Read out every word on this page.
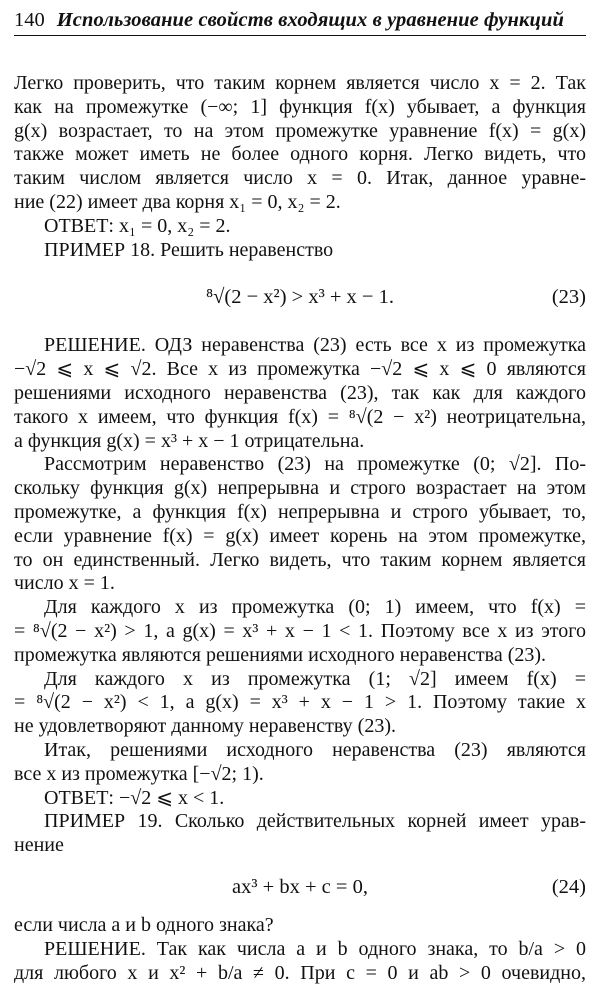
140 Использование свойств входящих в уравнение функций
Легко проверить, что таким корнем является число x = 2. Так
как на промежутке (−∞; 1] функция f(x) убывает, а функция
g(x) возрастает, то на этом промежутке уравнение f(x) = g(x)
также может иметь не более одного корня. Легко видеть, что
таким числом является число x = 0. Итак, данное уравне-
ние (22) имеет два корня x₁ = 0, x₂ = 2.
ОТВЕТ: x₁ = 0, x₂ = 2.
ПРИМЕР 18. Решить неравенство
⁸√(2 − x²) > x³ + x − 1.	(23)
РЕШЕНИЕ. ОДЗ неравенства (23) есть все x из промежутка
−√2 ⩽ x ⩽ √2. Все x из промежутка −√2 ⩽ x ⩽ 0 являются
решениями исходного неравенства (23), так как для каждого
такого x имеем, что функция f(x) = ⁸√(2 − x²) неотрицательна,
а функция g(x) = x³ + x − 1 отрицательна.
Рассмотрим неравенство (23) на промежутке (0; √2]. По-
скольку функция g(x) непрерывна и строго возрастает на этом
промежутке, а функция f(x) непрерывна и строго убывает, то,
если уравнение f(x) = g(x) имеет корень на этом промежутке,
то он единственный. Легко видеть, что таким корнем является
число x = 1.
Для каждого x из промежутка (0; 1) имеем, что f(x) =
= ⁸√(2 − x²) > 1, а g(x) = x³ + x − 1 < 1. Поэтому все x из этого
промежутка являются решениями исходного неравенства (23).
Для каждого x из промежутка (1; √2] имеем f(x) =
= ⁸√(2 − x²) < 1, а g(x) = x³ + x − 1 > 1. Поэтому такие x
не удовлетворяют данному неравенству (23).
Итак, решениями исходного неравенства (23) являются
все x из промежутка [−√2; 1).
ОТВЕТ: −√2 ⩽ x < 1.
ПРИМЕР 19. Сколько действительных корней имеет урав-
нение
ax³ + bx + c = 0,	(24)
если числа a и b одного знака?
РЕШЕНИЕ. Так как числа a и b одного знака, то b/a > 0
для любого x и x² + b/a ≠ 0. При c = 0 и ab > 0 очевидно,
